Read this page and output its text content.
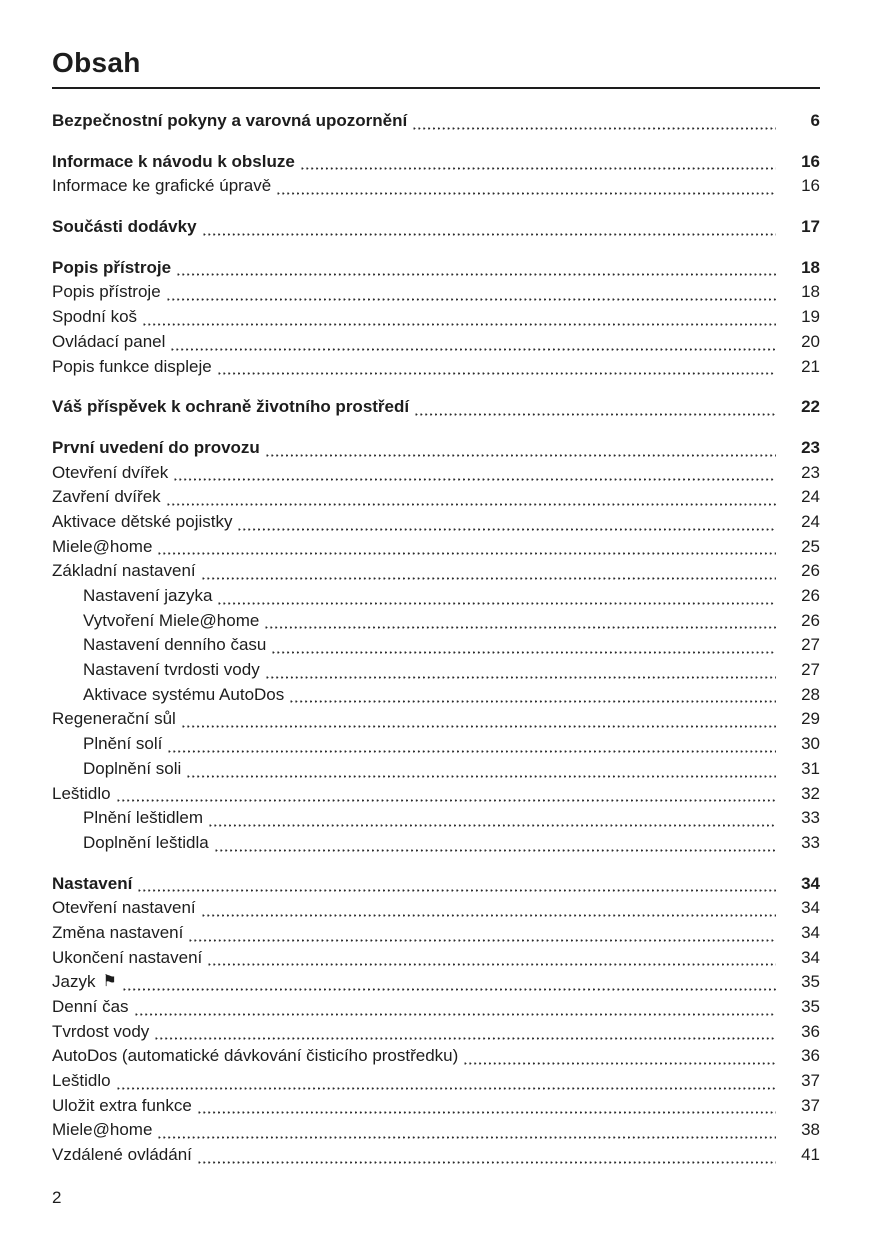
Obsah
Bezpečnostní pokyny a varovná upozornění	6
Informace k návodu k obsluze	16
Informace ke grafické úpravě	16
Součásti dodávky	17
Popis přístroje	18
Popis přístroje	18
Spodní koš	19
Ovládací panel	20
Popis funkce displeje	21
Váš příspěvek k ochraně životního prostředí	22
První uvedení do provozu	23
Otevření dvířek	23
Zavření dvířek	24
Aktivace dětské pojistky	24
Miele@home	25
Základní nastavení	26
Nastavení jazyka	26
Vytvoření Miele@home	26
Nastavení denního času	27
Nastavení tvrdosti vody	27
Aktivace systému AutoDos	28
Regenerační sůl	29
Plnění solí	30
Doplnění soli	31
Leštidlo	32
Plnění leštidlem	33
Doplnění leštidla	33
Nastavení	34
Otevření nastavení	34
Změna nastavení	34
Ukončení nastavení	34
Jazyk ⚑	35
Denní čas	35
Tvrdost vody	36
AutoDos (automatické dávkování čisticího prostředku)	36
Leštidlo	37
Uložit extra funkce	37
Miele@home	38
Vzdálené ovládání	41
2
